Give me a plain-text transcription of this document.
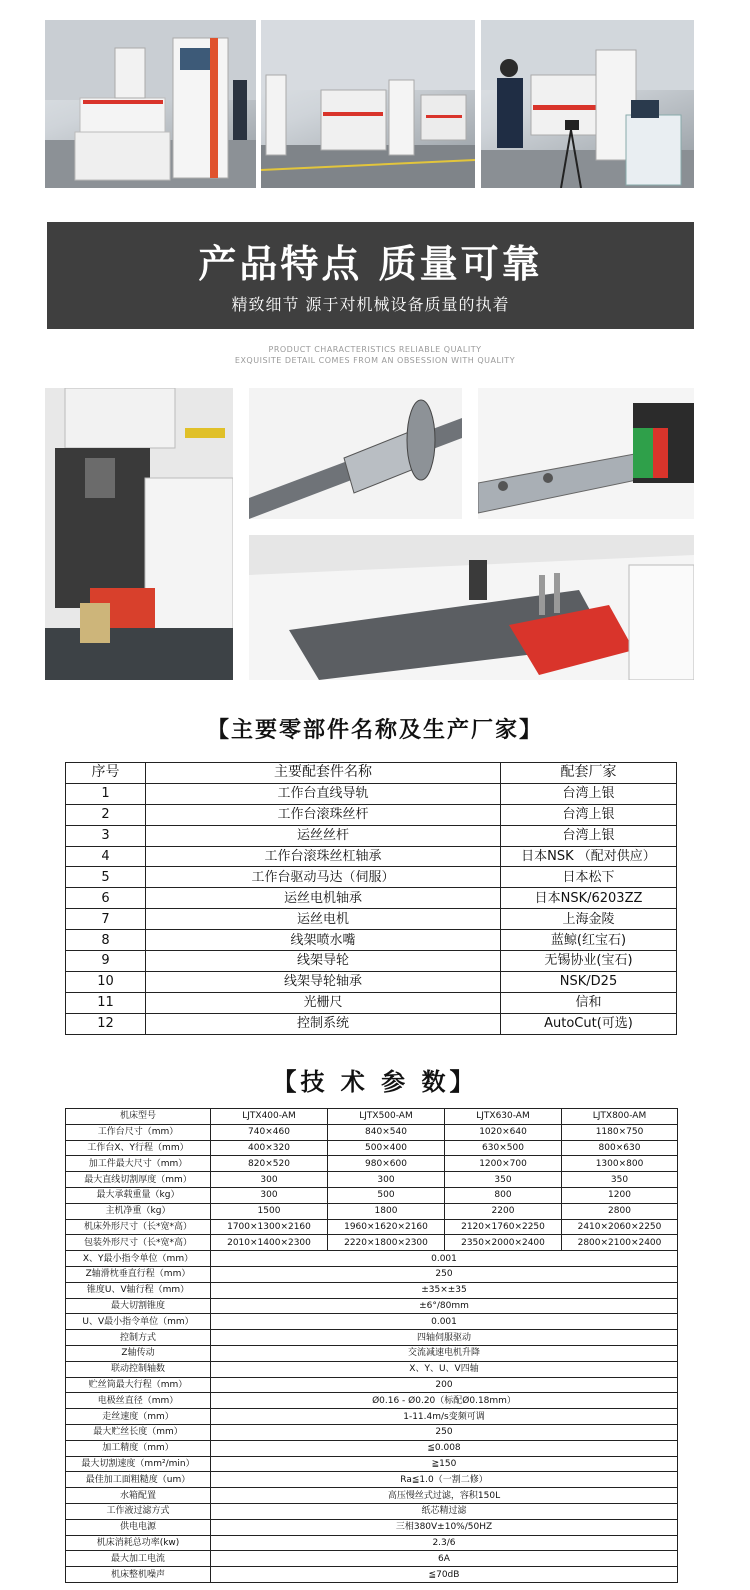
产品特点 质量可靠
精致细节 源于对机械设备质量的执着
PRODUCT CHARACTERISTICS RELIABLE QUALITY
EXQUISITE DETAIL COMES FROM AN OBSESSION WITH QUALITY
【主要零部件名称及生产厂家】
序号	主要配套件名称	配套厂家
1	工作台直线导轨	台湾上银
2	工作台滚珠丝杆	台湾上银
3	运丝丝杆	台湾上银
4	工作台滚珠丝杠轴承	日本NSK （配对供应）
5	工作台驱动马达（伺服）	日本松下
6	运丝电机轴承	日本NSK/6203ZZ
7	运丝电机	上海金陵
8	线架喷水嘴	蓝鲸(红宝石)
9	线架导轮	无锡协业(宝石)
10	线架导轮轴承	NSK/D25
11	光栅尺	信和
12	控制系统	AutoCut(可选)
【技 术 参 数】
机床型号	LJTX400-AM	LJTX500-AM	LJTX630-AM	LJTX800-AM
工作台尺寸（mm）	740×460	840×540	1020×640	1180×750
工作台X、Y行程（mm）	400×320	500×400	630×500	800×630
加工件最大尺寸（mm）	820×520	980×600	1200×700	1300×800
最大直线切割厚度（mm）	300	300	350	350
最大承载重量（kg）	300	500	800	1200
主机净重（kg）	1500	1800	2200	2800
机床外形尺寸（长*宽*高）	1700×1300×2160	1960×1620×2160	2120×1760×2250	2410×2060×2250
包装外形尺寸（长*宽*高）	2010×1400×2300	2220×1800×2300	2350×2000×2400	2800×2100×2400
X、Y最小指令单位（mm）	0.001			
Z轴滑枕垂直行程（mm）	250			
锥度U、V轴行程（mm）	±35×±35			
最大切割锥度	±6°/80mm			
U、V最小指令单位（mm）	0.001			
控制方式	四轴伺服驱动			
Z轴传动	交流减速电机升降			
联动控制轴数	X、Y、U、V四轴			
贮丝筒最大行程（mm）	200			
电极丝直径（mm）	Ø0.16 - Ø0.20（标配Ø0.18mm）			
走丝速度（mm）	1-11.4m/s变频可调			
最大贮丝长度（mm）	250			
加工精度（mm）	≦0.008			
最大切割速度（mm²/min）	≧150			
最佳加工面粗糙度（um）	Ra≦1.0（一割二修）			
水箱配置	高压慢丝式过滤，容积150L			
工作液过滤方式	纸芯精过滤			
供电电源	三相380V±10%/50HZ			
机床消耗总功率(kw)	2.3/6			
最大加工电流	6A			
机床整机噪声	≦70dB			
